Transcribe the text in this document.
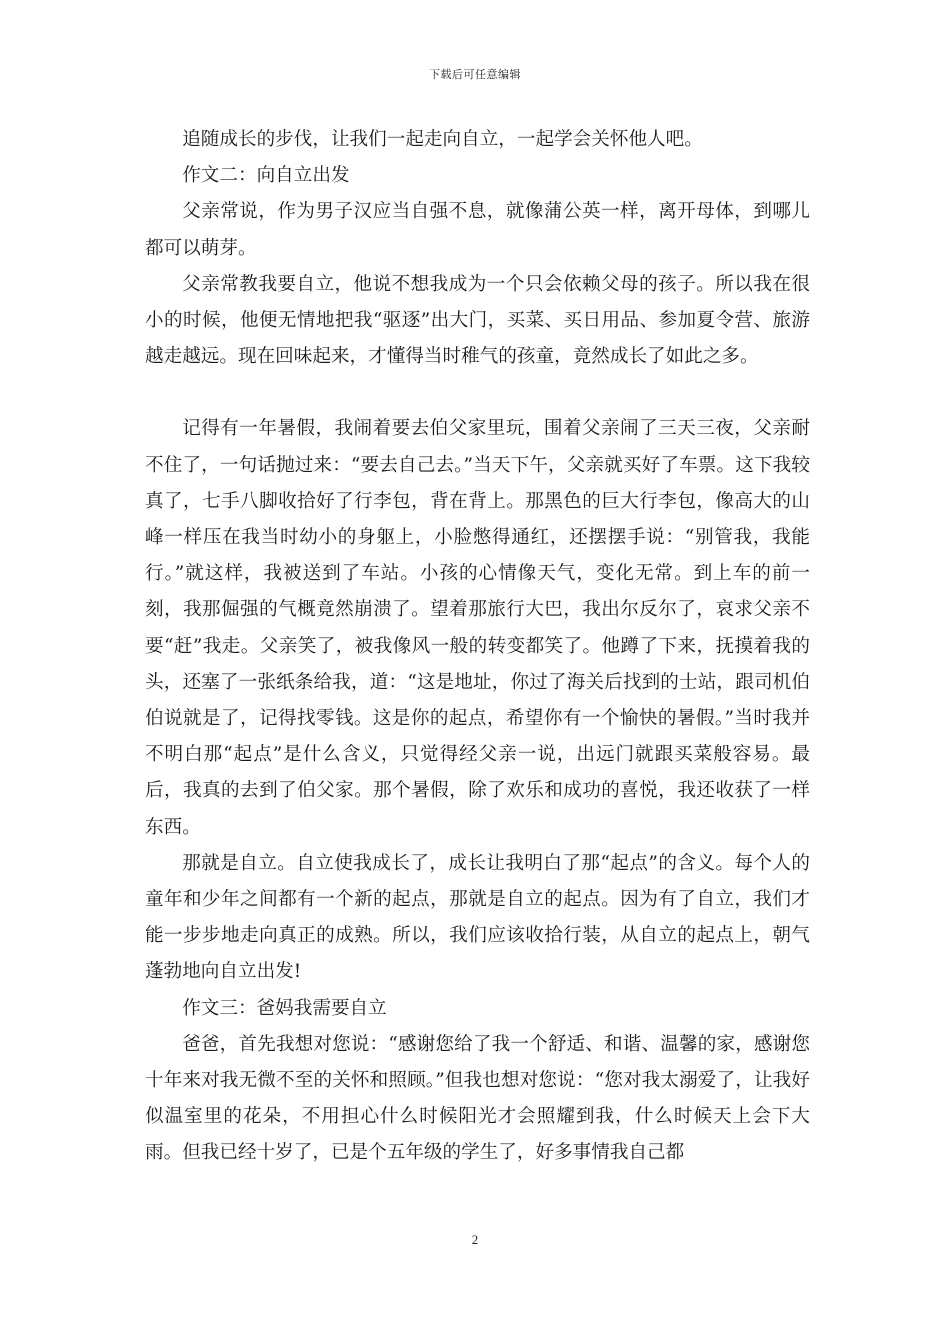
下载后可任意编辑

追随成长的步伐，让我们一起走向自立，一起学会关怀他人吧。

作文二：向自立出发

父亲常说，作为男子汉应当自强不息，就像蒲公英一样，离开母体，到哪儿都可以萌芽。

父亲常教我要自立，他说不想我成为一个只会依赖父母的孩子。所以我在很小的时候，他便无情地把我“驱逐”出大门，买菜、买日用品、参加夏令营、旅游越走越远。现在回味起来，才懂得当时稚气的孩童，竟然成长了如此之多。

记得有一年暑假，我闹着要去伯父家里玩，围着父亲闹了三天三夜，父亲耐不住了，一句话抛过来：“要去自己去。”当天下午，父亲就买好了车票。这下我较真了，七手八脚收拾好了行李包，背在背上。那黑色的巨大行李包，像高大的山峰一样压在我当时幼小的身躯上，小脸憋得通红，还摆摆手说：“别管我，我能行。”就这样，我被送到了车站。小孩的心情像天气，变化无常。到上车的前一刻，我那倔强的气概竟然崩溃了。望着那旅行大巴，我出尔反尔了，哀求父亲不要“赶”我走。父亲笑了，被我像风一般的转变都笑了。他蹲了下来，抚摸着我的头，还塞了一张纸条给我，道：“这是地址，你过了海关后找到的士站，跟司机伯伯说就是了，记得找零钱。这是你的起点，希望你有一个愉快的暑假。”当时我并不明白那“起点”是什么含义，只觉得经父亲一说，出远门就跟买菜般容易。最后，我真的去到了伯父家。那个暑假，除了欢乐和成功的喜悦，我还收获了一样东西。

那就是自立。自立使我成长了，成长让我明白了那“起点”的含义。每个人的童年和少年之间都有一个新的起点，那就是自立的起点。因为有了自立，我们才能一步步地走向真正的成熟。所以，我们应该收拾行装，从自立的起点上，朝气蓬勃地向自立出发!

作文三：爸妈我需要自立

爸爸，首先我想对您说：“感谢您给了我一个舒适、和谐、温馨的家，感谢您十年来对我无微不至的关怀和照顾。”但我也想对您说：“您对我太溺爱了，让我好似温室里的花朵，不用担心什么时候阳光才会照耀到我，什么时候天上会下大雨。但我已经十岁了，已是个五年级的学生了，好多事情我自己都

2
